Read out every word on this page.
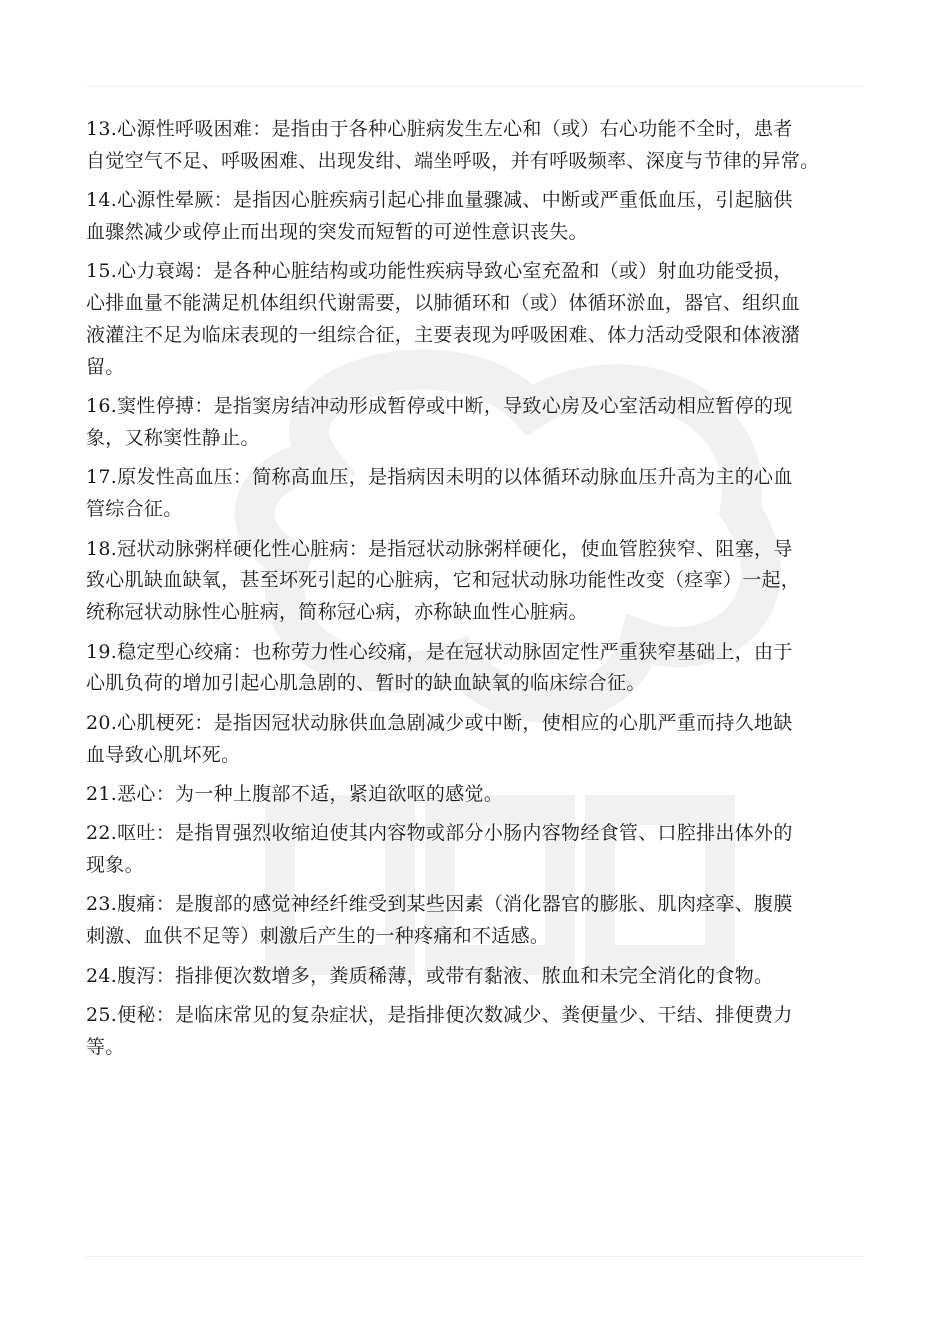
13.心源性呼吸困难：是指由于各种心脏病发生左心和（或）右心功能不全时，患者
自觉空气不足、呼吸困难、出现发绀、端坐呼吸，并有呼吸频率、深度与节律的异常。
14.心源性晕厥：是指因心脏疾病引起心排血量骤减、中断或严重低血压，引起脑供
血骤然减少或停止而出现的突发而短暂的可逆性意识丧失。
15.心力衰竭：是各种心脏结构或功能性疾病导致心室充盈和（或）射血功能受损，
心排血量不能满足机体组织代谢需要，以肺循环和（或）体循环淤血，器官、组织血
液灌注不足为临床表现的一组综合征，主要表现为呼吸困难、体力活动受限和体液潴
留。
16.窦性停搏：是指窦房结冲动形成暂停或中断，导致心房及心室活动相应暂停的现
象，又称窦性静止。
17.原发性高血压：简称高血压，是指病因未明的以体循环动脉血压升高为主的心血
管综合征。
18.冠状动脉粥样硬化性心脏病：是指冠状动脉粥样硬化，使血管腔狭窄、阻塞，导
致心肌缺血缺氧，甚至坏死引起的心脏病，它和冠状动脉功能性改变（痉挛）一起，
统称冠状动脉性心脏病，简称冠心病，亦称缺血性心脏病。
19.稳定型心绞痛：也称劳力性心绞痛，是在冠状动脉固定性严重狭窄基础上，由于
心肌负荷的增加引起心肌急剧的、暂时的缺血缺氧的临床综合征。
20.心肌梗死：是指因冠状动脉供血急剧减少或中断，使相应的心肌严重而持久地缺
血导致心肌坏死。
21.恶心：为一种上腹部不适，紧迫欲呕的感觉。
22.呕吐：是指胃强烈收缩迫使其内容物或部分小肠内容物经食管、口腔排出体外的
现象。
23.腹痛：是腹部的感觉神经纤维受到某些因素（消化器官的膨胀、肌肉痉挛、腹膜
刺激、血供不足等）刺激后产生的一种疼痛和不适感。
24.腹泻：指排便次数增多，粪质稀薄，或带有黏液、脓血和未完全消化的食物。
25.便秘：是临床常见的复杂症状，是指排便次数减少、粪便量少、干结、排便费力
等。
